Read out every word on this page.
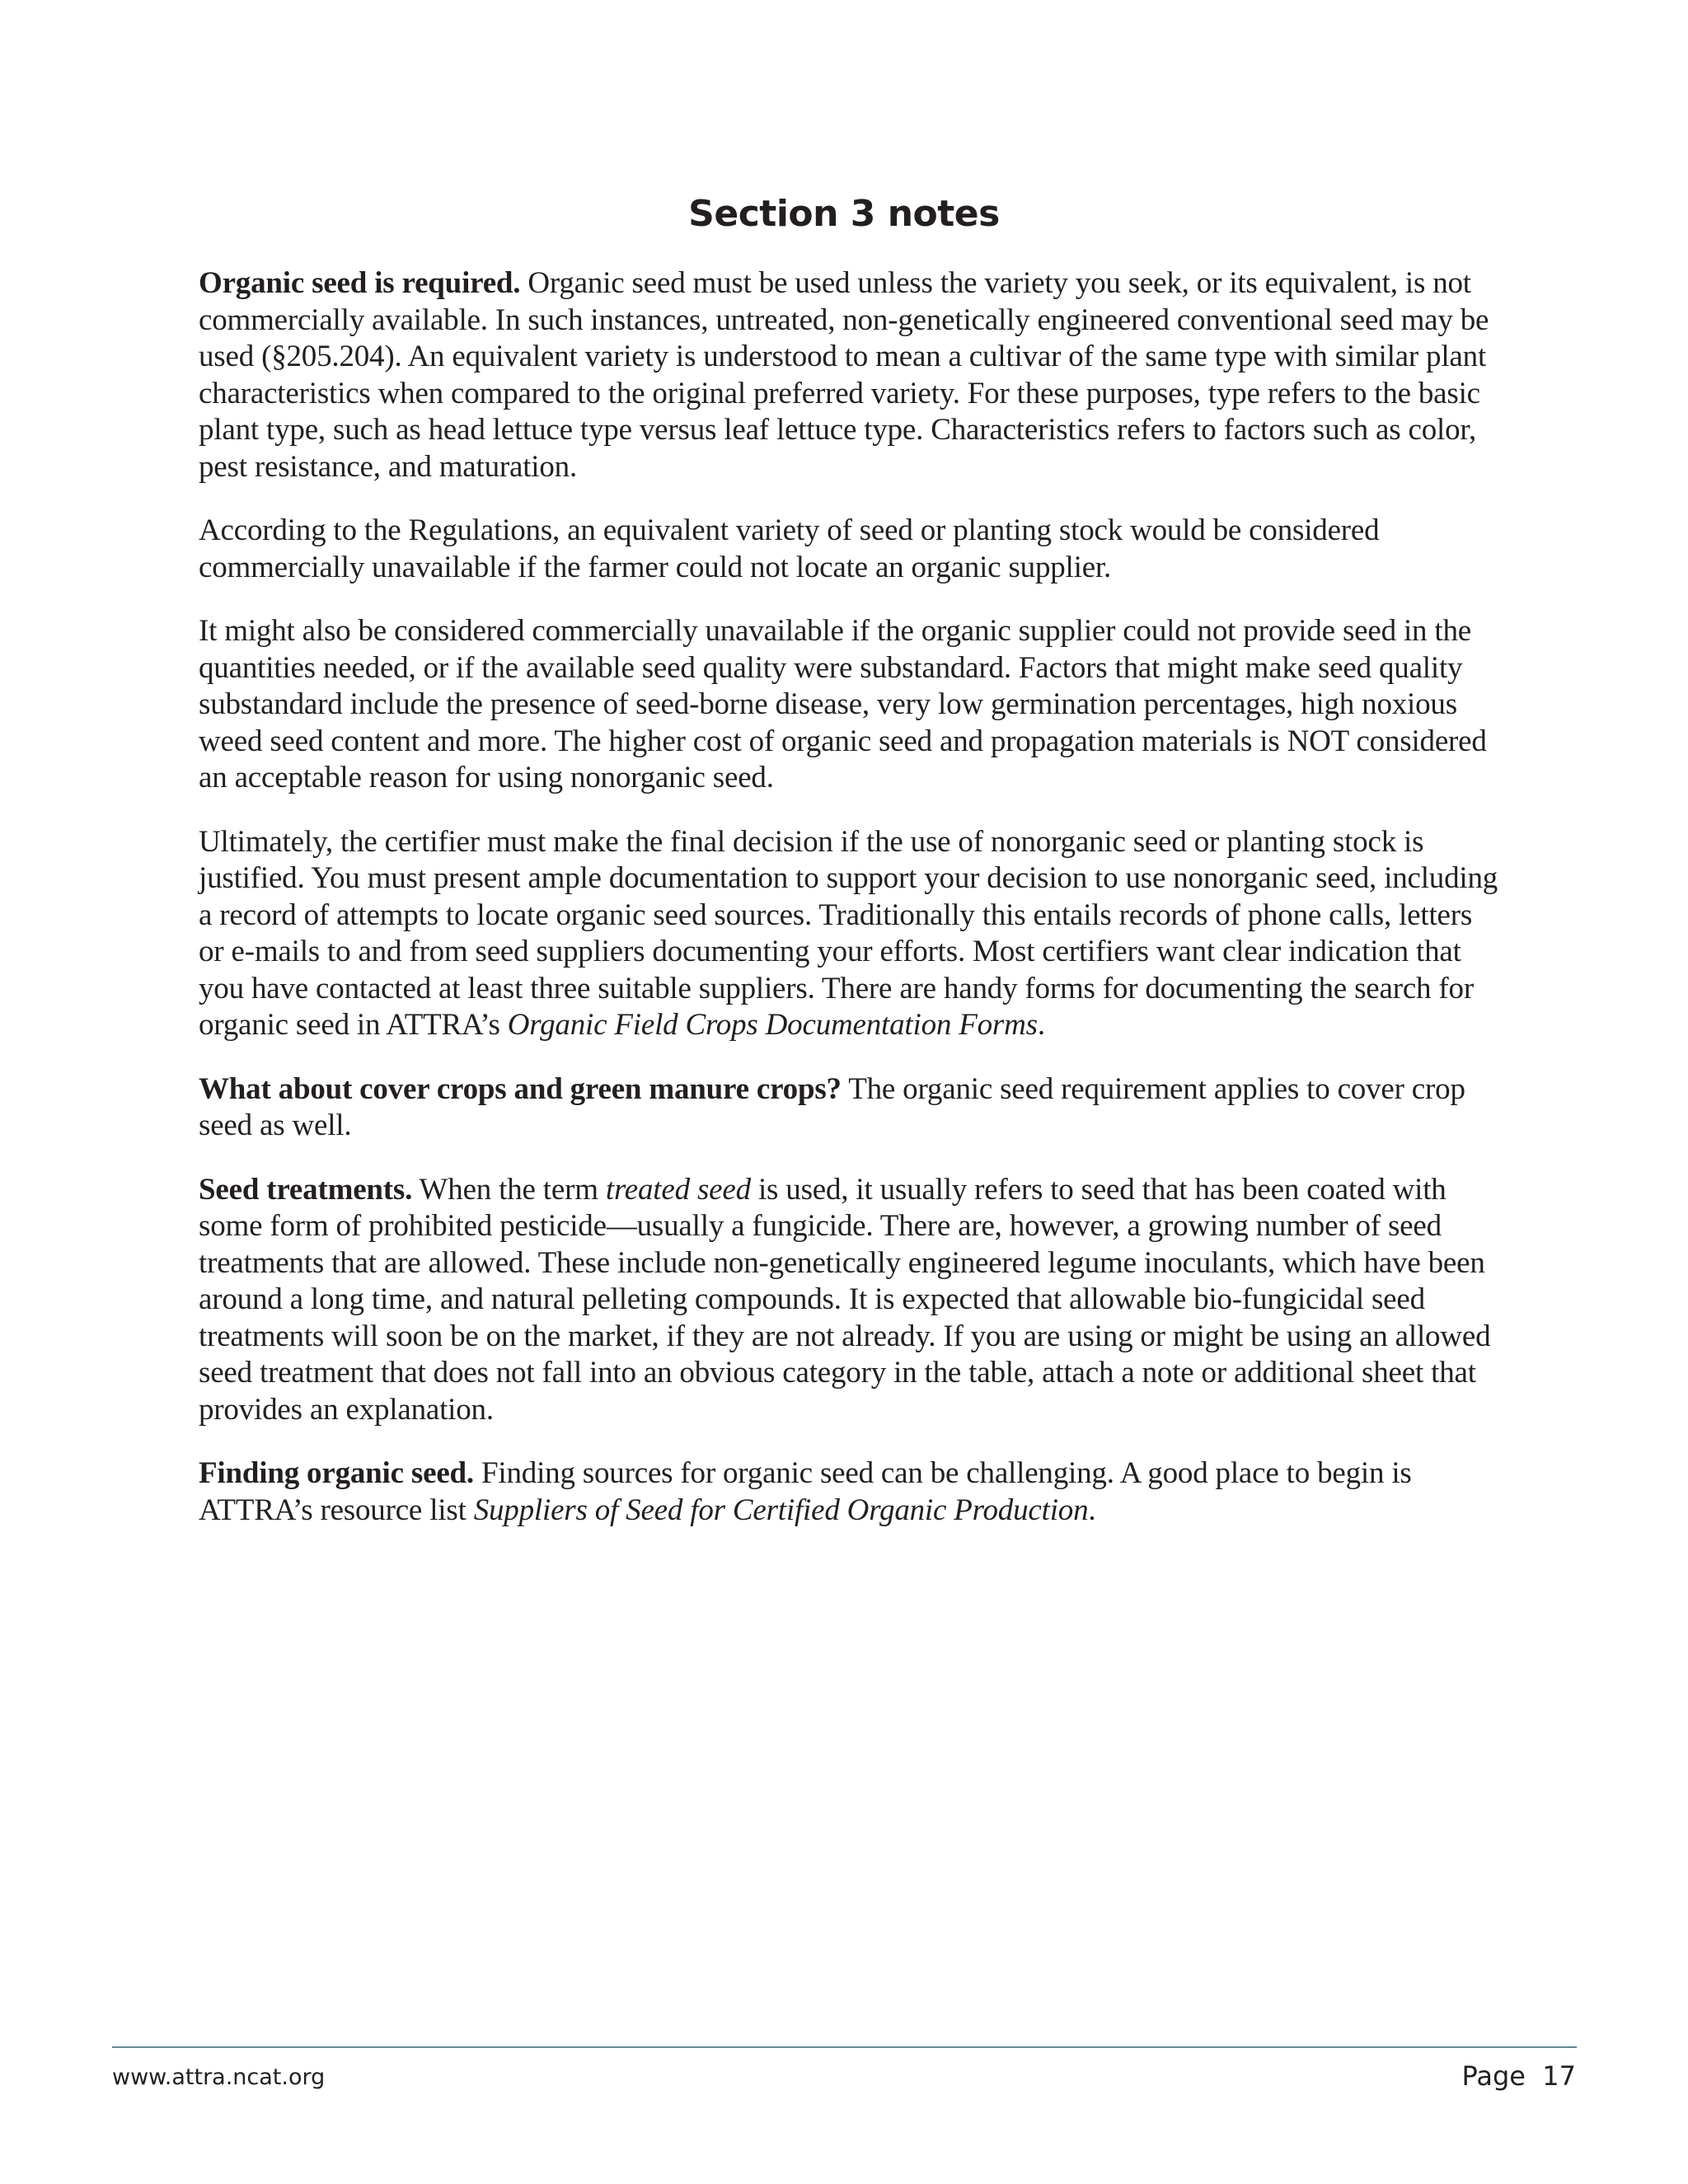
Section 3 notes

Organic seed is required. Organic seed must be used unless the variety you seek, or its equivalent, is not commercially available. In such instances, untreated, non-genetically engineered conventional seed may be used (§205.204). An equivalent variety is understood to mean a cultivar of the same type with similar plant characteristics when compared to the original preferred variety. For these purposes, type refers to the basic plant type, such as head lettuce type versus leaf lettuce type. Characteristics refers to factors such as color, pest resistance, and maturation.

According to the Regulations, an equivalent variety of seed or planting stock would be considered commercially unavailable if the farmer could not locate an organic supplier.

It might also be considered commercially unavailable if the organic supplier could not provide seed in the quantities needed, or if the available seed quality were substandard. Factors that might make seed quality substandard include the presence of seed-borne disease, very low germination percentages, high noxious weed seed content and more. The higher cost of organic seed and propagation materials is NOT considered an acceptable reason for using nonorganic seed.

Ultimately, the certifier must make the final decision if the use of nonorganic seed or planting stock is justified. You must present ample documentation to support your decision to use nonorganic seed, including a record of attempts to locate organic seed sources. Traditionally this entails records of phone calls, letters or e-mails to and from seed suppliers documenting your efforts. Most certifiers want clear indication that you have contacted at least three suitable suppliers. There are handy forms for documenting the search for organic seed in ATTRA’s Organic Field Crops Documentation Forms.

What about cover crops and green manure crops? The organic seed requirement applies to cover crop seed as well.

Seed treatments. When the term treated seed is used, it usually refers to seed that has been coated with some form of prohibited pesticide—usually a fungicide. There are, however, a growing number of seed treatments that are allowed. These include non-genetically engineered legume inoculants, which have been around a long time, and natural pelleting compounds. It is expected that allowable bio-fungicidal seed treatments will soon be on the market, if they are not already. If you are using or might be using an allowed seed treatment that does not fall into an obvious category in the table, attach a note or additional sheet that provides an explanation.

Finding organic seed. Finding sources for organic seed can be challenging. A good place to begin is ATTRA’s resource list Suppliers of Seed for Certified Organic Production.

www.attra.ncat.org	Page  17
